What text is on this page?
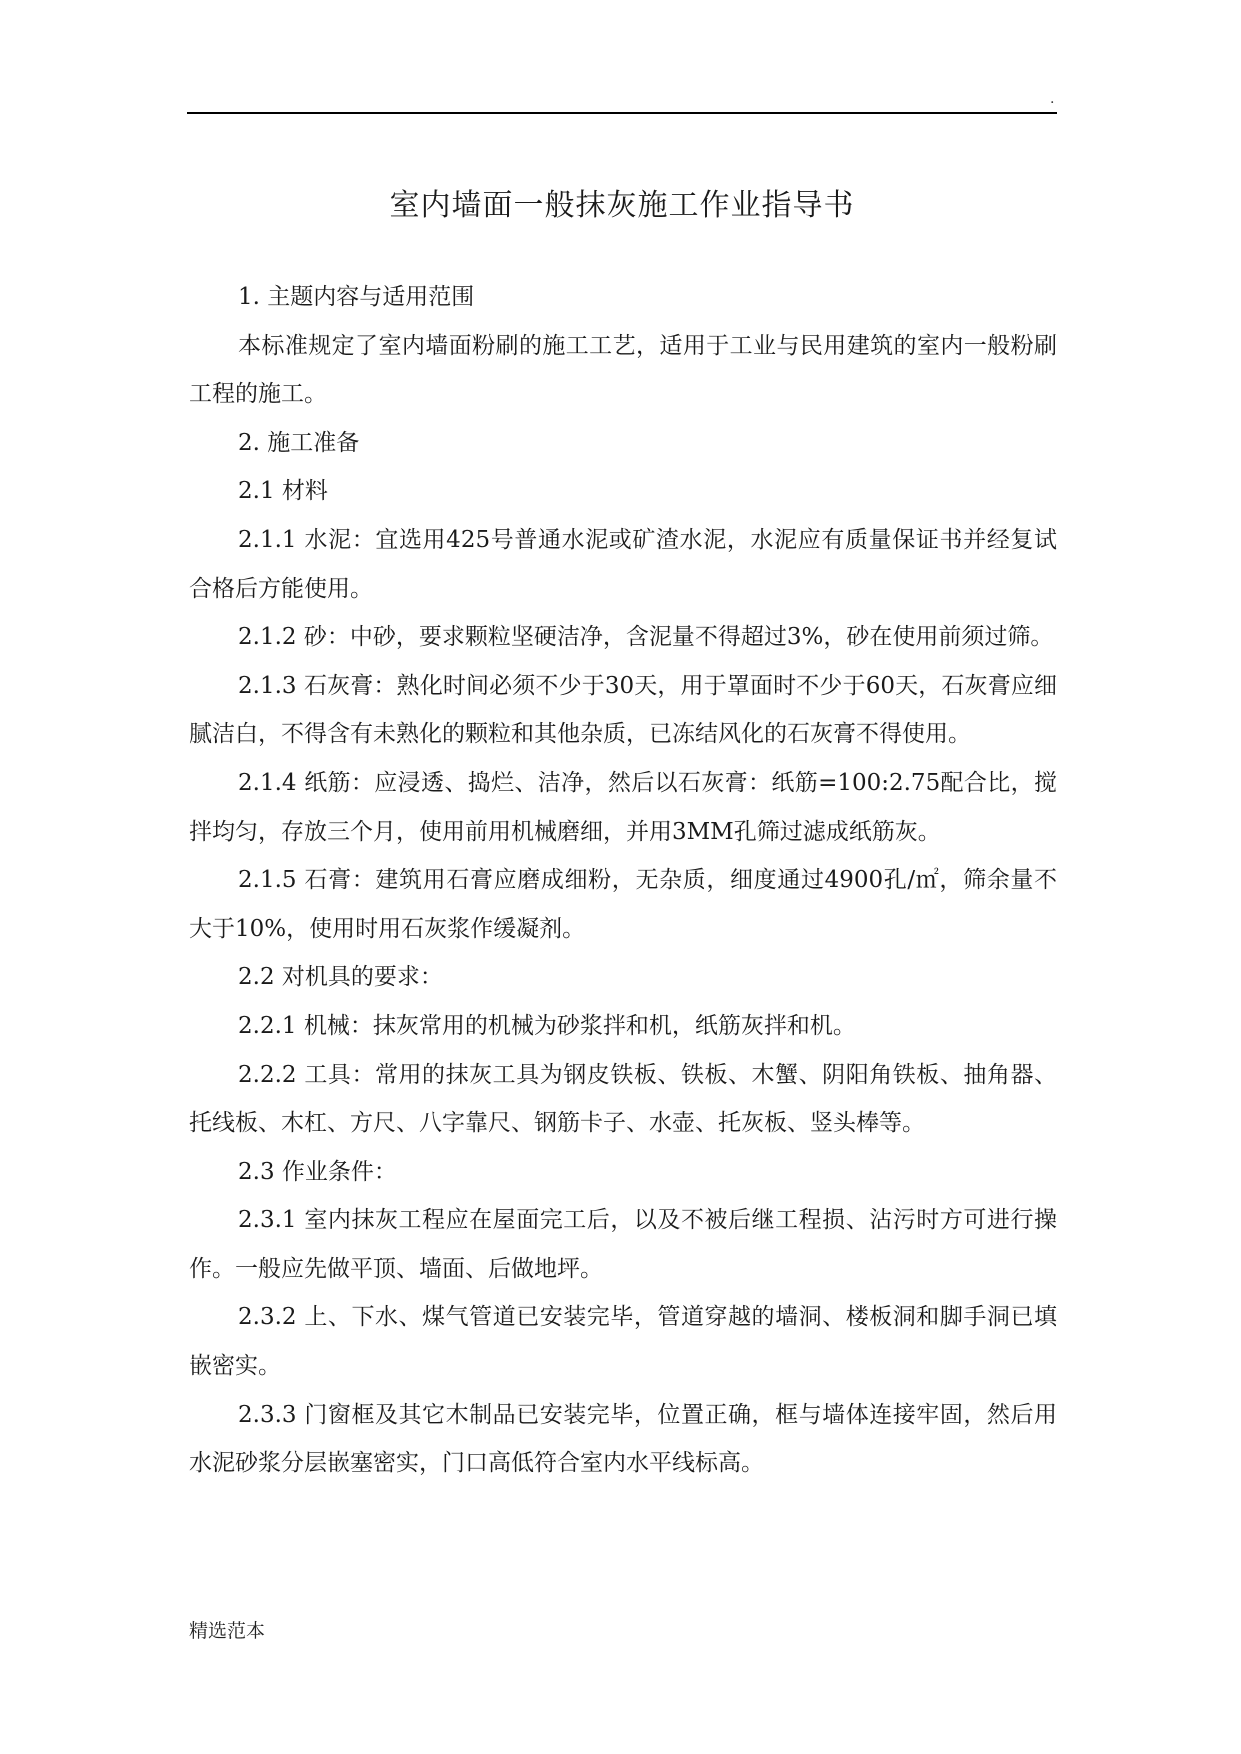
.
室内墙面一般抹灰施工作业指导书

1. 主题内容与适用范围

本标准规定了室内墙面粉刷的施工工艺，适用于工业与民用建筑的室内一般粉刷工程的施工。

2. 施工准备

2.1 材料

2.1.1 水泥：宜选用425号普通水泥或矿渣水泥，水泥应有质量保证书并经复试合格后方能使用。

2.1.2 砂：中砂，要求颗粒坚硬洁净，含泥量不得超过3%，砂在使用前须过筛。

2.1.3 石灰膏：熟化时间必须不少于30天，用于罩面时不少于60天，石灰膏应细腻洁白，不得含有未熟化的颗粒和其他杂质，已冻结风化的石灰膏不得使用。

2.1.4 纸筋：应浸透、捣烂、洁净，然后以石灰膏：纸筋=100:2.75配合比，搅拌均匀，存放三个月，使用前用机械磨细，并用3MM孔筛过滤成纸筋灰。

2.1.5 石膏：建筑用石膏应磨成细粉，无杂质，细度通过4900孔/㎡，筛余量不大于10%，使用时用石灰浆作缓凝剂。

2.2 对机具的要求：

2.2.1 机械：抹灰常用的机械为砂浆拌和机，纸筋灰拌和机。

2.2.2 工具：常用的抹灰工具为钢皮铁板、铁板、木蟹、阴阳角铁板、抽角器、托线板、木杠、方尺、八字靠尺、钢筋卡子、水壶、托灰板、竖头棒等。

2.3 作业条件：

2.3.1 室内抹灰工程应在屋面完工后，以及不被后继工程损、沾污时方可进行操作。一般应先做平顶、墙面、后做地坪。

2.3.2 上、下水、煤气管道已安装完毕，管道穿越的墙洞、楼板洞和脚手洞已填嵌密实。

2.3.3 门窗框及其它木制品已安装完毕，位置正确，框与墙体连接牢固，然后用水泥砂浆分层嵌塞密实，门口高低符合室内水平线标高。

精选范本
